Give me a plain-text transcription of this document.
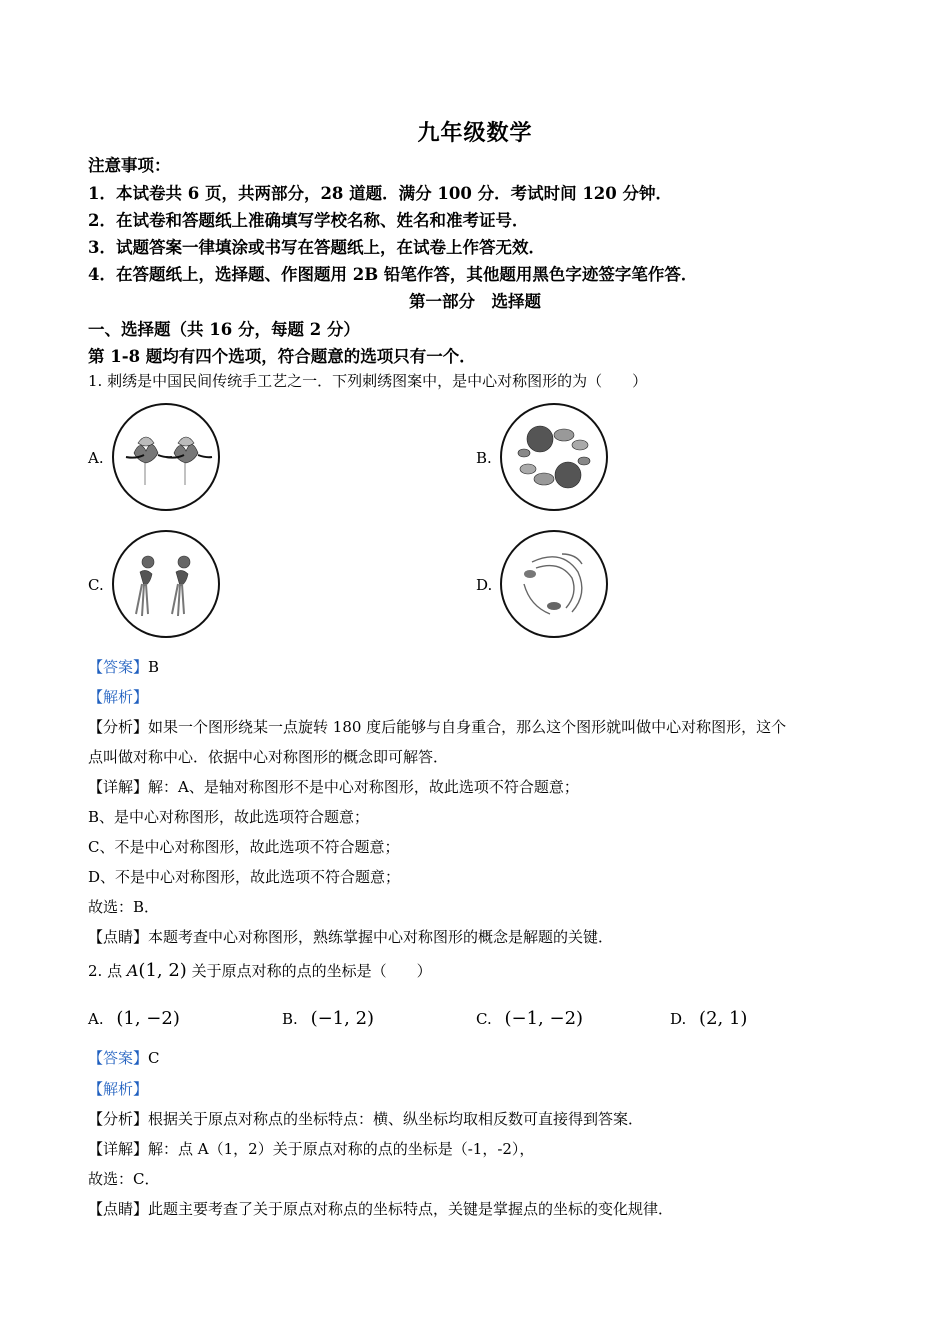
九年级数学
注意事项：
1．本试卷共 6 页，共两部分，28 道题．满分 100 分．考试时间 120 分钟．
2．在试卷和答题纸上准确填写学校名称、姓名和准考证号．
3．试题答案一律填涂或书写在答题纸上，在试卷上作答无效．
4．在答题纸上，选择题、作图题用 2B 铅笔作答，其他题用黑色字迹签字笔作答．
第一部分　选择题
一、选择题（共 16 分，每题 2 分）
第 1-8 题均有四个选项，符合题意的选项只有一个．
1. 刺绣是中国民间传统手工艺之一．下列刺绣图案中，是中心对称图形的为（　　）
A.	B.
C.	D.
【答案】B
【解析】
【分析】如果一个图形绕某一点旋转 180 度后能够与自身重合，那么这个图形就叫做中心对称图形，这个
点叫做对称中心．依据中心对称图形的概念即可解答．
【详解】解：A、是轴对称图形不是中心对称图形，故此选项不符合题意；
B、是中心对称图形，故此选项符合题意；
C、不是中心对称图形，故此选项不符合题意；
D、不是中心对称图形，故此选项不符合题意；
故选：B．
【点睛】本题考查中心对称图形，熟练掌握中心对称图形的概念是解题的关键．
2. 点 A(1, 2) 关于原点对称的点的坐标是（　　）
A. (1, −2)	B. (−1, 2)	C. (−1, −2)	D. (2, 1)
【答案】C
【解析】
【分析】根据关于原点对称点的坐标特点：横、纵坐标均取相反数可直接得到答案．
【详解】解：点 A（1，2）关于原点对称的点的坐标是（-1，-2），
故选：C．
【点睛】此题主要考查了关于原点对称点的坐标特点，关键是掌握点的坐标的变化规律．
